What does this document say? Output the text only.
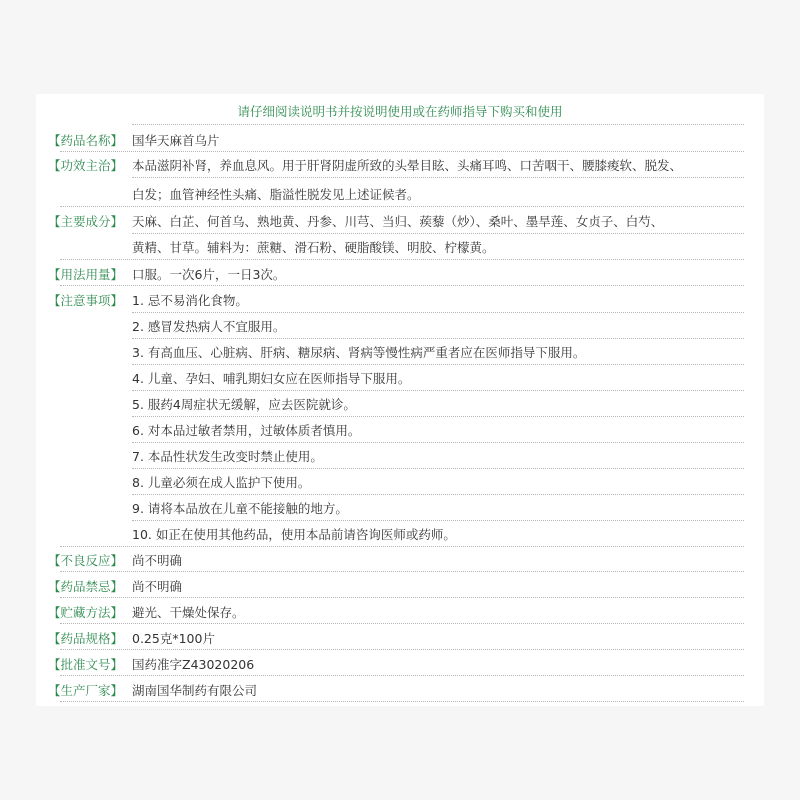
请仔细阅读说明书并按说明使用或在药师指导下购买和使用
【药品名称】 国华天麻首乌片
【功效主治】 本品滋阴补肾，养血息风。用于肝肾阴虚所致的头晕目眩、头痛耳鸣、口苦咽干、腰膝痠软、脱发、
白发；血管神经性头痛、脂溢性脱发见上述证候者。
【主要成分】 天麻、白芷、何首乌、熟地黄、丹参、川芎、当归、蒺藜（炒）、桑叶、墨旱莲、女贞子、白芍、
黄精、甘草。辅料为：蔗糖、滑石粉、硬脂酸镁、明胶、柠檬黄。
【用法用量】 口服。一次6片，一日3次。
【注意事项】 1. 忌不易消化食物。
2. 感冒发热病人不宜服用。
3. 有高血压、心脏病、肝病、糖尿病、肾病等慢性病严重者应在医师指导下服用。
4. 儿童、孕妇、哺乳期妇女应在医师指导下服用。
5. 服药4周症状无缓解，应去医院就诊。
6. 对本品过敏者禁用，过敏体质者慎用。
7. 本品性状发生改变时禁止使用。
8. 儿童必须在成人监护下使用。
9. 请将本品放在儿童不能接触的地方。
10. 如正在使用其他药品，使用本品前请咨询医师或药师。
【不良反应】 尚不明确
【药品禁忌】 尚不明确
【贮藏方法】 避光、干燥处保存。
【药品规格】 0.25克*100片
【批准文号】 国药准字Z43020206
【生产厂家】 湖南国华制药有限公司
